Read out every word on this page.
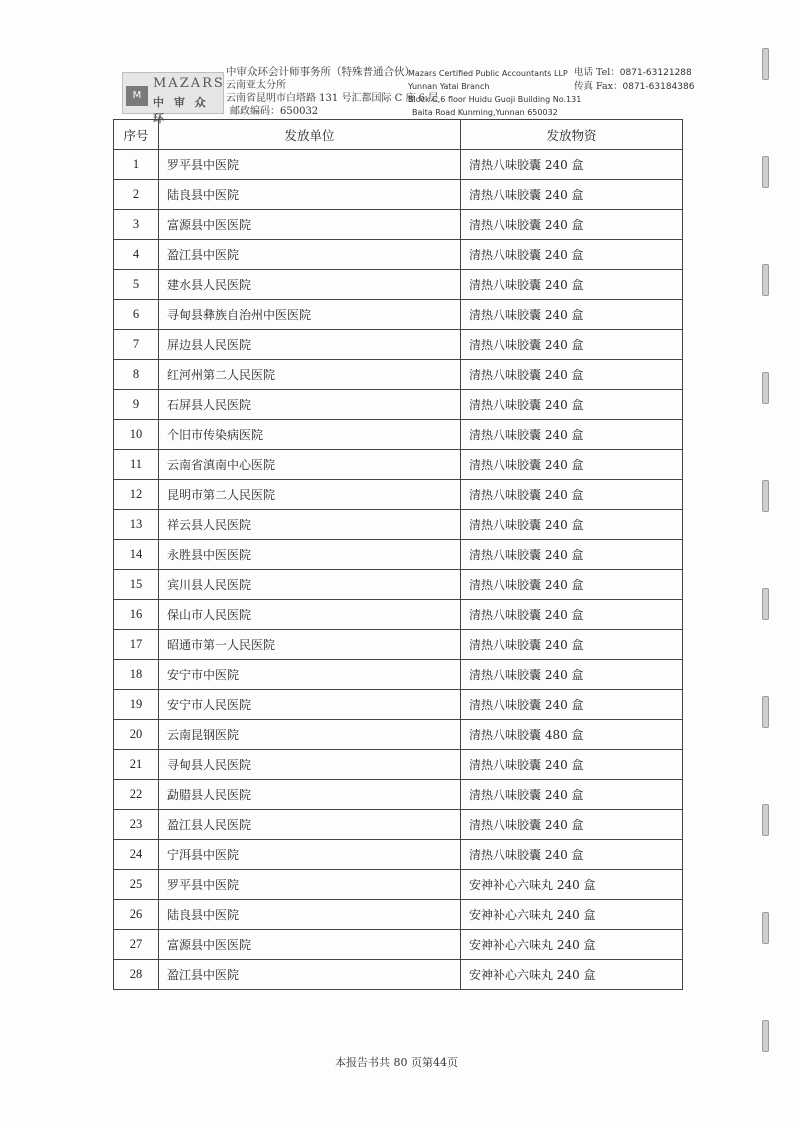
M
MAZARS
中 审 众 环
中审众环会计师事务所（特殊普通合伙）
云南亚太分所
云南省昆明市白塔路 131 号汇都国际 C 座 6 层
邮政编码：650032
Mazars Certified Public Accountants LLP
Yunnan Yatai Branch
Block C,6 floor Huidu Guoji Building No.131
Baita Road Kunming,Yunnan 650032
电话 Tel：0871-63121288
传真 Fax：0871-63184386
序号	发放单位	发放物资
1	罗平县中医院	清热八味胶囊 240 盒
2	陆良县中医院	清热八味胶囊 240 盒
3	富源县中医医院	清热八味胶囊 240 盒
4	盈江县中医院	清热八味胶囊 240 盒
5	建水县人民医院	清热八味胶囊 240 盒
6	寻甸县彝族自治州中医医院	清热八味胶囊 240 盒
7	屏边县人民医院	清热八味胶囊 240 盒
8	红河州第二人民医院	清热八味胶囊 240 盒
9	石屏县人民医院	清热八味胶囊 240 盒
10	个旧市传染病医院	清热八味胶囊 240 盒
11	云南省滇南中心医院	清热八味胶囊 240 盒
12	昆明市第二人民医院	清热八味胶囊 240 盒
13	祥云县人民医院	清热八味胶囊 240 盒
14	永胜县中医医院	清热八味胶囊 240 盒
15	宾川县人民医院	清热八味胶囊 240 盒
16	保山市人民医院	清热八味胶囊 240 盒
17	昭通市第一人民医院	清热八味胶囊 240 盒
18	安宁市中医院	清热八味胶囊 240 盒
19	安宁市人民医院	清热八味胶囊 240 盒
20	云南昆钢医院	清热八味胶囊 480 盒
21	寻甸县人民医院	清热八味胶囊 240 盒
22	勐腊县人民医院	清热八味胶囊 240 盒
23	盈江县人民医院	清热八味胶囊 240 盒
24	宁洱县中医院	清热八味胶囊 240 盒
25	罗平县中医院	安神补心六味丸 240 盒
26	陆良县中医院	安神补心六味丸 240 盒
27	富源县中医医院	安神补心六味丸 240 盒
28	盈江县中医院	安神补心六味丸 240 盒
本报告书共 80 页第44页
